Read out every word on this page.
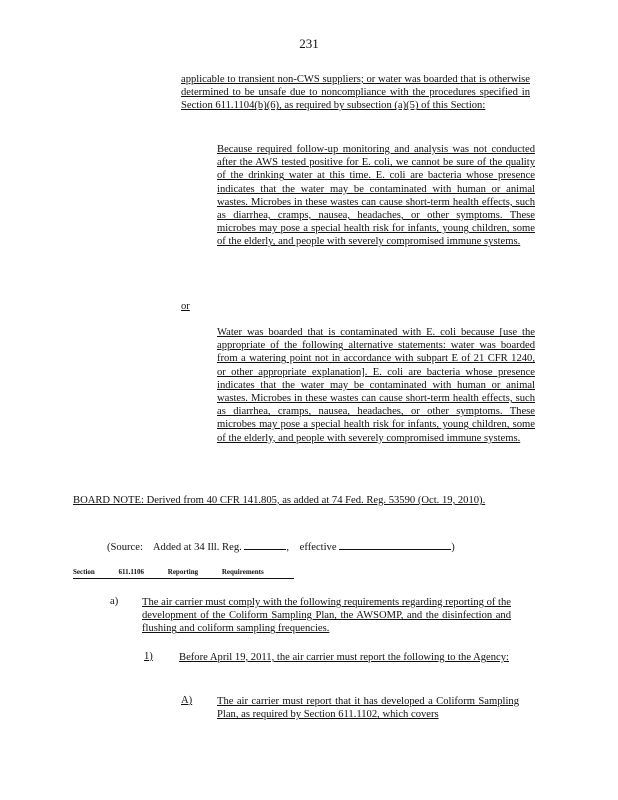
231
applicable to transient non-CWS suppliers; or water was boarded that is otherwise determined to be unsafe due to noncompliance with the procedures specified in Section 611.1104(b)(6), as required by subsection (a)(5) of this Section:
Because required follow-up monitoring and analysis was not conducted after the AWS tested positive for E. coli, we cannot be sure of the quality of the drinking water at this time. E. coli are bacteria whose presence indicates that the water may be contaminated with human or animal wastes. Microbes in these wastes can cause short-term health effects, such as diarrhea, cramps, nausea, headaches, or other symptoms. These microbes may pose a special health risk for infants, young children, some of the elderly, and people with severely compromised immune systems.
or
Water was boarded that is contaminated with E. coli because [use the appropriate of the following alternative statements: water was boarded from a watering point not in accordance with subpart E of 21 CFR 1240, or other appropriate explanation]. E. coli are bacteria whose presence indicates that the water may be contaminated with human or animal wastes. Microbes in these wastes can cause short-term health effects, such as diarrhea, cramps, nausea, headaches, or other symptoms. These microbes may pose a special health risk for infants, young children, some of the elderly, and people with severely compromised immune systems.
BOARD NOTE: Derived from 40 CFR 141.805, as added at 74 Fed. Reg. 53590 (Oct. 19, 2010).
(Source: Added at 34 Ill. Reg.	, effective	)
Section	611.1106	Reporting	Requirements
a) The air carrier must comply with the following requirements regarding reporting of the development of the Coliform Sampling Plan, the AWSOMP, and the disinfection and flushing and coliform sampling frequencies.
1) Before April 19, 2011, the air carrier must report the following to the Agency:
A) The air carrier must report that it has developed a Coliform Sampling Plan, as required by Section 611.1102, which covers
